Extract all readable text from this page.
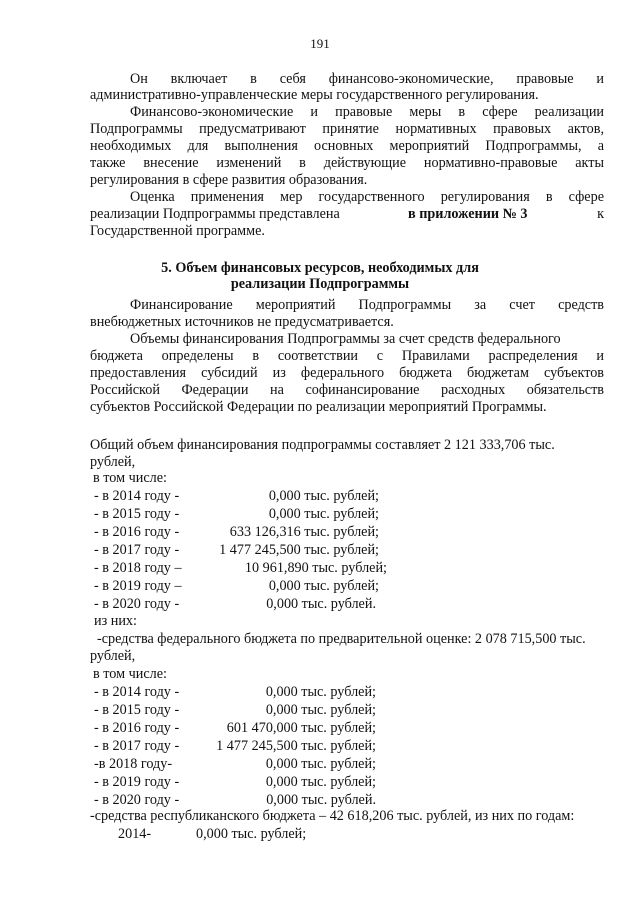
191
Он включает в себя финансово-экономические, правовые и
административно-управленческие меры государственного регулирования.
Финансово-экономические и правовые меры в сфере реализации
Подпрограммы предусматривают принятие нормативных правовых актов,
необходимых для выполнения основных мероприятий Подпрограммы, а
также внесение изменений в действующие нормативно-правовые акты
регулирования в сфере развития образования.
Оценка применения мер государственного регулирования в сфере
реализации Подпрограммы представлена	в приложении № 3	к
Государственной программе.
5. Объем финансовых ресурсов, необходимых для
реализации Подпрограммы
Финансирование мероприятий Подпрограммы за счет средств
внебюджетных источников не предусматривается.
Объемы финансирования Подпрограммы за счет средств федерального
бюджета определены в соответствии с Правилами распределения и
предоставления субсидий из федерального бюджета бюджетам субъектов
Российской Федерации на софинансирование расходных обязательств
субъектов Российской Федерации по реализации мероприятий Программы.
Общий объем финансирования подпрограммы составляет 2 121 333,706 тыс.
рублей,
в том числе:
- в 2014 году -	0,000 тыс. рублей;
- в 2015 году -	0,000 тыс. рублей;
- в 2016 году -	633 126,316 тыс. рублей;
- в 2017 году -	1 477 245,500 тыс. рублей;
- в 2018 году –	10 961,890 тыс. рублей;
- в 2019 году –	0,000 тыс. рублей;
- в 2020 году -	0,000 тыс. рублей.
из них:
-средства федерального бюджета по предварительной оценке: 2 078 715,500 тыс.
рублей,
в том числе:
- в 2014 году -	0,000 тыс. рублей;
- в 2015 году -	0,000 тыс. рублей;
- в 2016 году -	601 470,000 тыс. рублей;
- в 2017 году -	1 477 245,500 тыс. рублей;
-в 2018 году-	0,000 тыс. рублей;
- в 2019 году -	0,000 тыс. рублей;
- в 2020 году -	0,000 тыс. рублей.
-средства республиканского бюджета – 42 618,206 тыс. рублей, из них по годам:
2014-	0,000 тыс. рублей;
